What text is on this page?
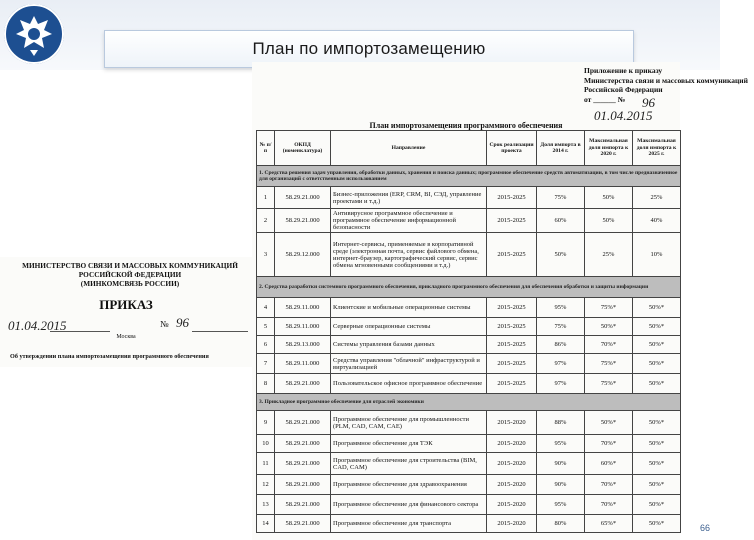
План по импортозамещению
Приложение к приказу
Министерства связи и массовых коммуникаций
Российской Федерации
от ______ №	96
01.04.2015
План импортозамещения программного обеспечения
№ п/п	ОКПД (номенклатура)	Направление	Срок реализации проекта	Доля импорта в 2014 г.	Максимальная доля импорта к 2020 г.	Максимальная доля импорта к 2025 г.
1. Средства решения задач управления, обработки данных, хранения и поиска данных; программное обеспечение средств автоматизации, в том числе предназначенное для организаций с ответственным использованием						
1	58.29.21.000	Бизнес-приложения (ERP, CRM, BI, СЭД, управление проектами и т.д.)	2015-2025	75%	50%	25%
2	58.29.21.000	Антивирусное программное обеспечение и программное обеспечение информационной безопасности	2015-2025	60%	50%	40%
3	58.29.12.000	Интернет-сервисы, применяемые в корпоративной среде (электронная почта, сервис файлового обмена, интернет-браузер, картографический сервис, сервис обмена мгновенными сообщениями и т.д.)	2015-2025	50%	25%	10%
2. Средства разработки системного программного обеспечения, прикладного программного обеспечения для обеспечения обработки и защиты информации						
4	58.29.11.000	Клиентские и мобильные операционные системы	2015-2025	95%	75%*	50%*
5	58.29.11.000	Серверные операционные системы	2015-2025	75%	50%*	50%*
6	58.29.13.000	Системы управления базами данных	2015-2025	86%	70%*	50%*
7	58.29.11.000	Средства управления "облачной" инфраструктурой и виртуализацией	2015-2025	97%	75%*	50%*
8	58.29.21.000	Пользовательское офисное программное обеспечение	2015-2025	97%	75%*	50%*
3. Прикладное программное обеспечение для отраслей экономики						
9	58.29.21.000	Программное обеспечение для промышленности (PLM, CAD, CAM, CAE)	2015-2020	88%	50%*	50%*
10	58.29.21.000	Программное обеспечение для ТЭК	2015-2020	95%	70%*	50%*
11	58.29.21.000	Программное обеспечение для строительства (BIM, CAD, CAM)	2015-2020	90%	60%*	50%*
12	58.29.21.000	Программное обеспечение для здравоохранения	2015-2020	90%	70%*	50%*
13	58.29.21.000	Программное обеспечение для финансового сектора	2015-2020	95%	70%*	50%*
14	58.29.21.000	Программное обеспечение для транспорта	2015-2020	80%	65%*	50%*
МИНИСТЕРСТВО СВЯЗИ И МАССОВЫХ КОММУНИКАЦИЙ
РОССИЙСКОЙ ФЕДЕРАЦИИ
(МИНКОМСВЯЗЬ РОССИИ)
ПРИКАЗ
01.04.2015	№ 96
Москва
Об утверждении плана импортозамещения программного обеспечения
66
